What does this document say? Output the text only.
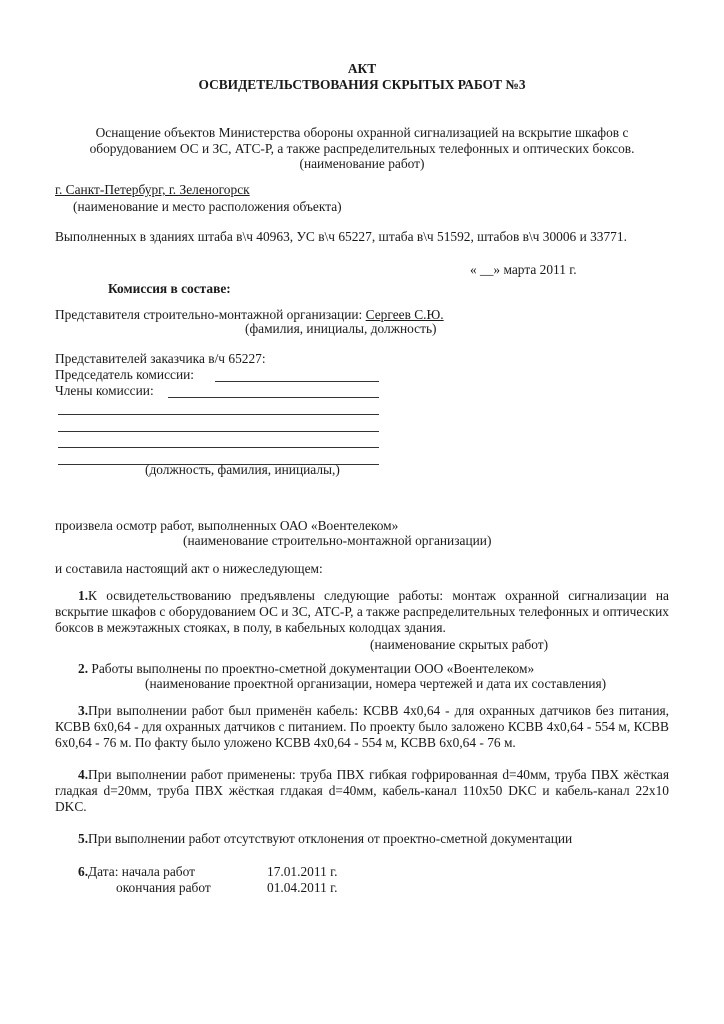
АКТ
ОСВИДЕТЕЛЬСТВОВАНИЯ СКРЫТЫХ РАБОТ №3
Оснащение объектов Министерства обороны охранной сигнализацией на вскрытие шкафов с
оборудованием ОС и ЗС, АТС-Р, а также распределительных телефонных и оптических боксов.
(наименование работ)
г. Санкт-Петербург, г. Зеленогорск
(наименование и место расположения объекта)
Выполненных в зданиях штаба в\ч 40963, УС в\ч 65227, штаба в\ч 51592, штабов в\ч 30006 и 33771.
« __» марта 2011 г.
Комиссия в составе:
Представителя строительно-монтажной организации: Сергеев С.Ю.
(фамилия, инициалы, должность)
Представителей заказчика в/ч 65227:
Председатель комиссии:
Члены комиссии:
(должность, фамилия, инициалы,)
произвела осмотр работ, выполненных ОАО «Воентелеком»
(наименование строительно-монтажной организации)
и составила настоящий акт о нижеследующем:
1.К освидетельствованию предъявлены следующие работы: монтаж охранной сигнализации на вскрытие шкафов с оборудованием ОС и ЗС, АТС-Р, а также распределительных телефонных и оптических боксов в межэтажных стояках, в полу, в кабельных колодцах здания.
(наименование скрытых работ)
2. Работы выполнены по проектно-сметной документации ООО «Воентелеком»
(наименование проектной организации, номера чертежей и дата их составления)
3.При выполнении работ был применён кабель: КСВВ 4х0,64 - для охранных датчиков без питания, КСВВ 6х0,64 - для охранных датчиков с питанием. По проекту было заложено КСВВ 4х0,64 - 554 м, КСВВ 6х0,64 - 76 м. По факту было уложено КСВВ 4х0,64 - 554 м, КСВВ 6х0,64 - 76 м.
4.При выполнении работ применены: труба ПВХ гибкая гофрированная d=40мм, труба ПВХ жёсткая гладкая d=20мм, труба ПВХ жёсткая глдакая d=40мм, кабель-канал 110х50 DKC и кабель-канал 22х10 DKC.
5.При выполнении работ отсутствуют отклонения от проектно-сметной документации
6.Дата: начала работ	17.01.2011 г.
окончания работ	01.04.2011 г.
